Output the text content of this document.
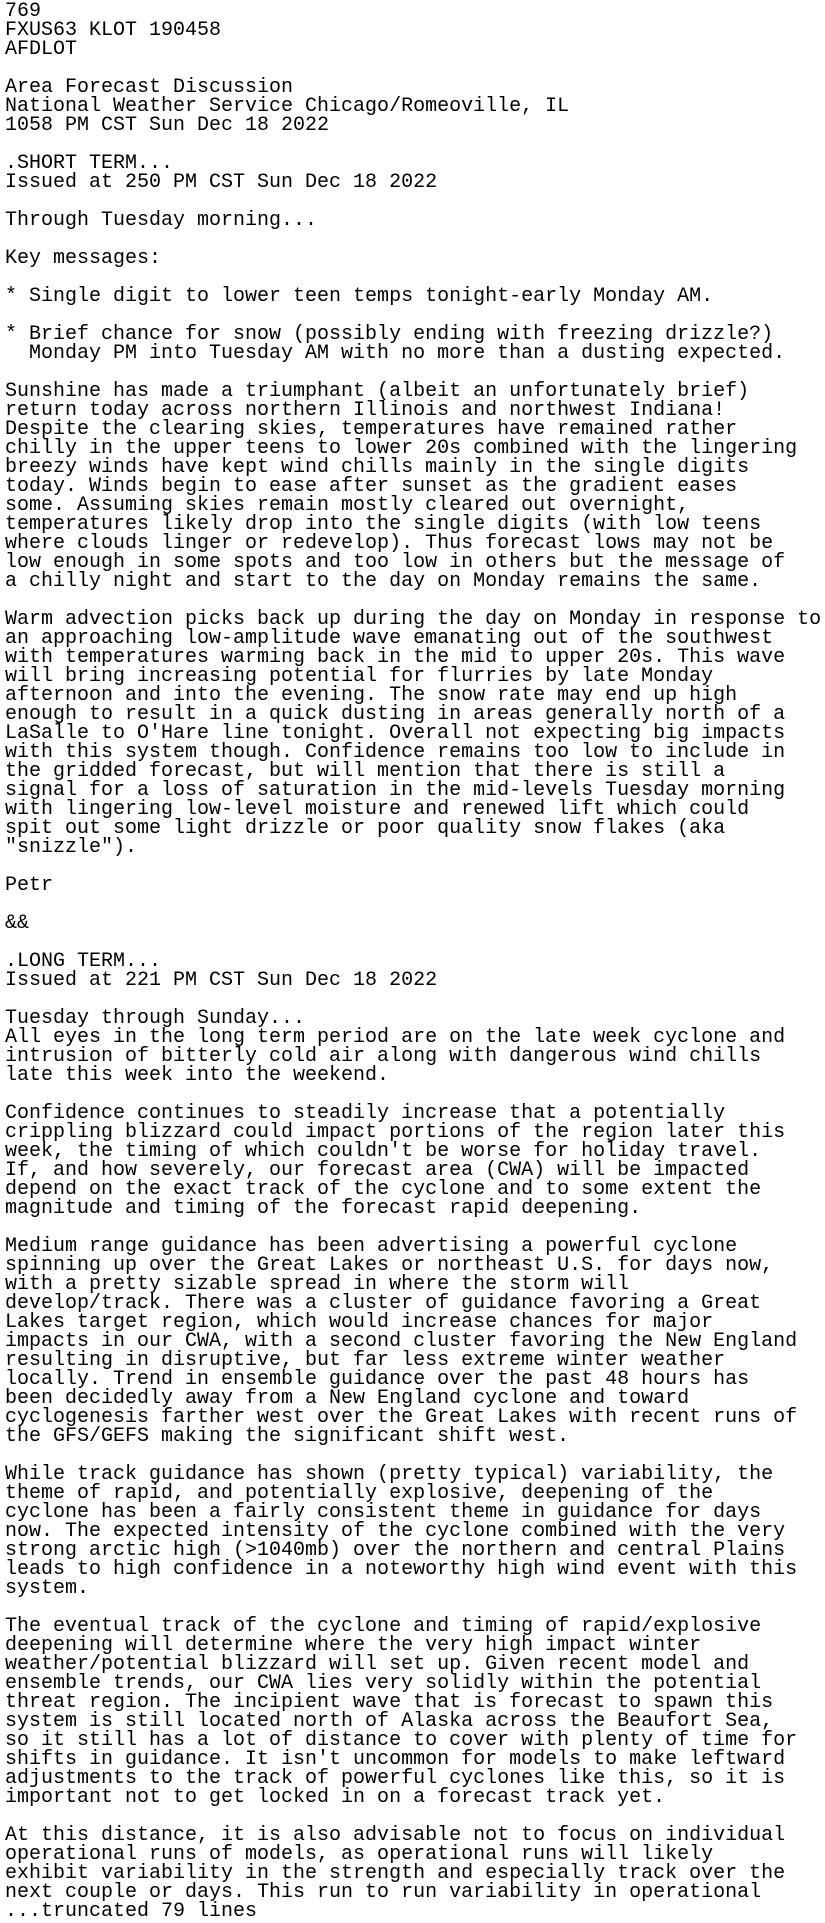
769
FXUS63 KLOT 190458
AFDLOT
Area Forecast Discussion
National Weather Service Chicago/Romeoville, IL
1058 PM CST Sun Dec 18 2022
.SHORT TERM...
Issued at 250 PM CST Sun Dec 18 2022
Through Tuesday morning...
Key messages:
* Single digit to lower teen temps tonight-early Monday AM.
* Brief chance for snow (possibly ending with freezing drizzle?)
Monday PM into Tuesday AM with no more than a dusting expected.
Sunshine has made a triumphant (albeit an unfortunately brief)
return today across northern Illinois and northwest Indiana!
Despite the clearing skies, temperatures have remained rather
chilly in the upper teens to lower 20s combined with the lingering
breezy winds have kept wind chills mainly in the single digits
today. Winds begin to ease after sunset as the gradient eases
some. Assuming skies remain mostly cleared out overnight,
temperatures likely drop into the single digits (with low teens
where clouds linger or redevelop). Thus forecast lows may not be
low enough in some spots and too low in others but the message of
a chilly night and start to the day on Monday remains the same.
Warm advection picks back up during the day on Monday in response to
an approaching low-amplitude wave emanating out of the southwest
with temperatures warming back in the mid to upper 20s. This wave
will bring increasing potential for flurries by late Monday
afternoon and into the evening. The snow rate may end up high
enough to result in a quick dusting in areas generally north of a
LaSalle to O'Hare line tonight. Overall not expecting big impacts
with this system though. Confidence remains too low to include in
the gridded forecast, but will mention that there is still a
signal for a loss of saturation in the mid-levels Tuesday morning
with lingering low-level moisture and renewed lift which could
spit out some light drizzle or poor quality snow flakes (aka
"snizzle").
Petr
&&
.LONG TERM...
Issued at 221 PM CST Sun Dec 18 2022
Tuesday through Sunday...
All eyes in the long term period are on the late week cyclone and
intrusion of bitterly cold air along with dangerous wind chills
late this week into the weekend.
Confidence continues to steadily increase that a potentially
crippling blizzard could impact portions of the region later this
week, the timing of which couldn't be worse for holiday travel.
If, and how severely, our forecast area (CWA) will be impacted
depend on the exact track of the cyclone and to some extent the
magnitude and timing of the forecast rapid deepening.
Medium range guidance has been advertising a powerful cyclone
spinning up over the Great Lakes or northeast U.S. for days now,
with a pretty sizable spread in where the storm will
develop/track. There was a cluster of guidance favoring a Great
Lakes target region, which would increase chances for major
impacts in our CWA, with a second cluster favoring the New England
resulting in disruptive, but far less extreme winter weather
locally. Trend in ensemble guidance over the past 48 hours has
been decidedly away from a New England cyclone and toward
cyclogenesis farther west over the Great Lakes with recent runs of
the GFS/GEFS making the significant shift west.
While track guidance has shown (pretty typical) variability, the
theme of rapid, and potentially explosive, deepening of the
cyclone has been a fairly consistent theme in guidance for days
now. The expected intensity of the cyclone combined with the very
strong arctic high (>1040mb) over the northern and central Plains
leads to high confidence in a noteworthy high wind event with this
system.
The eventual track of the cyclone and timing of rapid/explosive
deepening will determine where the very high impact winter
weather/potential blizzard will set up. Given recent model and
ensemble trends, our CWA lies very solidly within the potential
threat region. The incipient wave that is forecast to spawn this
system is still located north of Alaska across the Beaufort Sea,
so it still has a lot of distance to cover with plenty of time for
shifts in guidance. It isn't uncommon for models to make leftward
adjustments to the track of powerful cyclones like this, so it is
important not to get locked in on a forecast track yet.
At this distance, it is also advisable not to focus on individual
operational runs of models, as operational runs will likely
exhibit variability in the strength and especially track over the
next couple or days. This run to run variability in operational
...truncated 79 lines
